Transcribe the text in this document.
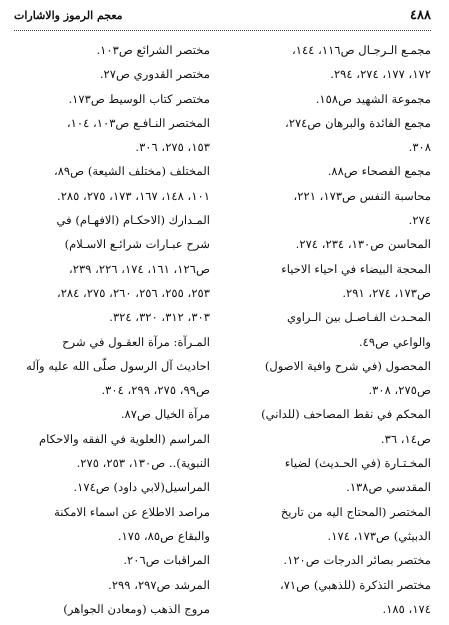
٤٨٨
معجم الرموز والاشارات
مجمـع الـرجـال ص١١٦، ١٤٤،
١٧٢، ١٧٧، ٢٧٤، ٢٩٤.
مجموعة الشهيد ص١٥٨.
مجمع الفائدة والبرهان ص٢٧٤،
٣٠٨.
مجمع الفصحاء ص٨٨.
محاسبة النفس ص١٧٣، ٢٢١،
٢٧٤.
المحاسن ص١٣٠، ٢٣٤، ٢٧٤.
المحجة البيضاء في احياء الاحياء
ص١٧٣، ٢٧٤، ٢٩١.
المحـدث الفـاصـل بين الـراوي
والواعي ص٤٩.
المحصول (في شرح وافية الاصول)
ص٢٧٥، ٣٠٨.
المحكم في نقط المصاحف (للداني)
ص١٤، ٣٦.
المخـتـارة (في الحـديث) لضياء
المقدسي ص١٣٨.
المختصر (المحتاج اليه من تاريخ
الدبيثي) ص١٧٣، ١٧٤.
مختصر بصائر الدرجات ص١٢٠.
مختصر التذكرة (للذهبي) ص٧١،
١٧٤، ١٨٥.
مختصر الشرائع ص١٠٣.
مختصر القدوري ص٢٧.
مختصر كتاب الوسيط ص١٧٣.
المختصر النـافـع ص١٠٣، ١٠٤،
١٥٣، ٢٧٥، ٣٠٦.
المختلف (مختلف الشيعة) ص٨٩،
١٠١، ١٤٨، ١٦٧، ١٧٣، ٢٧٥، ٢٨٥.
المـدارك (الاحكـام (الافهـام) في
شرح عبـارات شرائـع الاسـلام)
ص١٢٦، ١٦١، ١٧٤، ٢٢٦، ٢٣٩،
٢٥٣، ٢٥٥، ٢٥٦، ٢٦٠، ٢٧٥، ٢٨٤،
٣٠٣، ٣١٢، ٣٢٠، ٣٢٤.
المـرآة: مرآة العقـول في شرح
احاديث آل الرسول صلّى الله عليه وآله
ص٩٩، ٢٧٥، ٢٩٩، ٣٠٤.
مرآة الخيال ص٨٧.
المراسم (العلوية في الفقه والاحكام
النبوية).. ص١٣٠، ٢٥٣، ٢٧٥.
المراسيل(لابي داود) ص١٧٤.
مراصد الاطلاع عن اسماء الامكنة
والبقاع ص٨٥، ١٧٥.
المراقبات ص٢٠٦.
المرشد ص٢٩٧، ٢٩٩.
مروج الذهب (ومعادن الجواهر)
